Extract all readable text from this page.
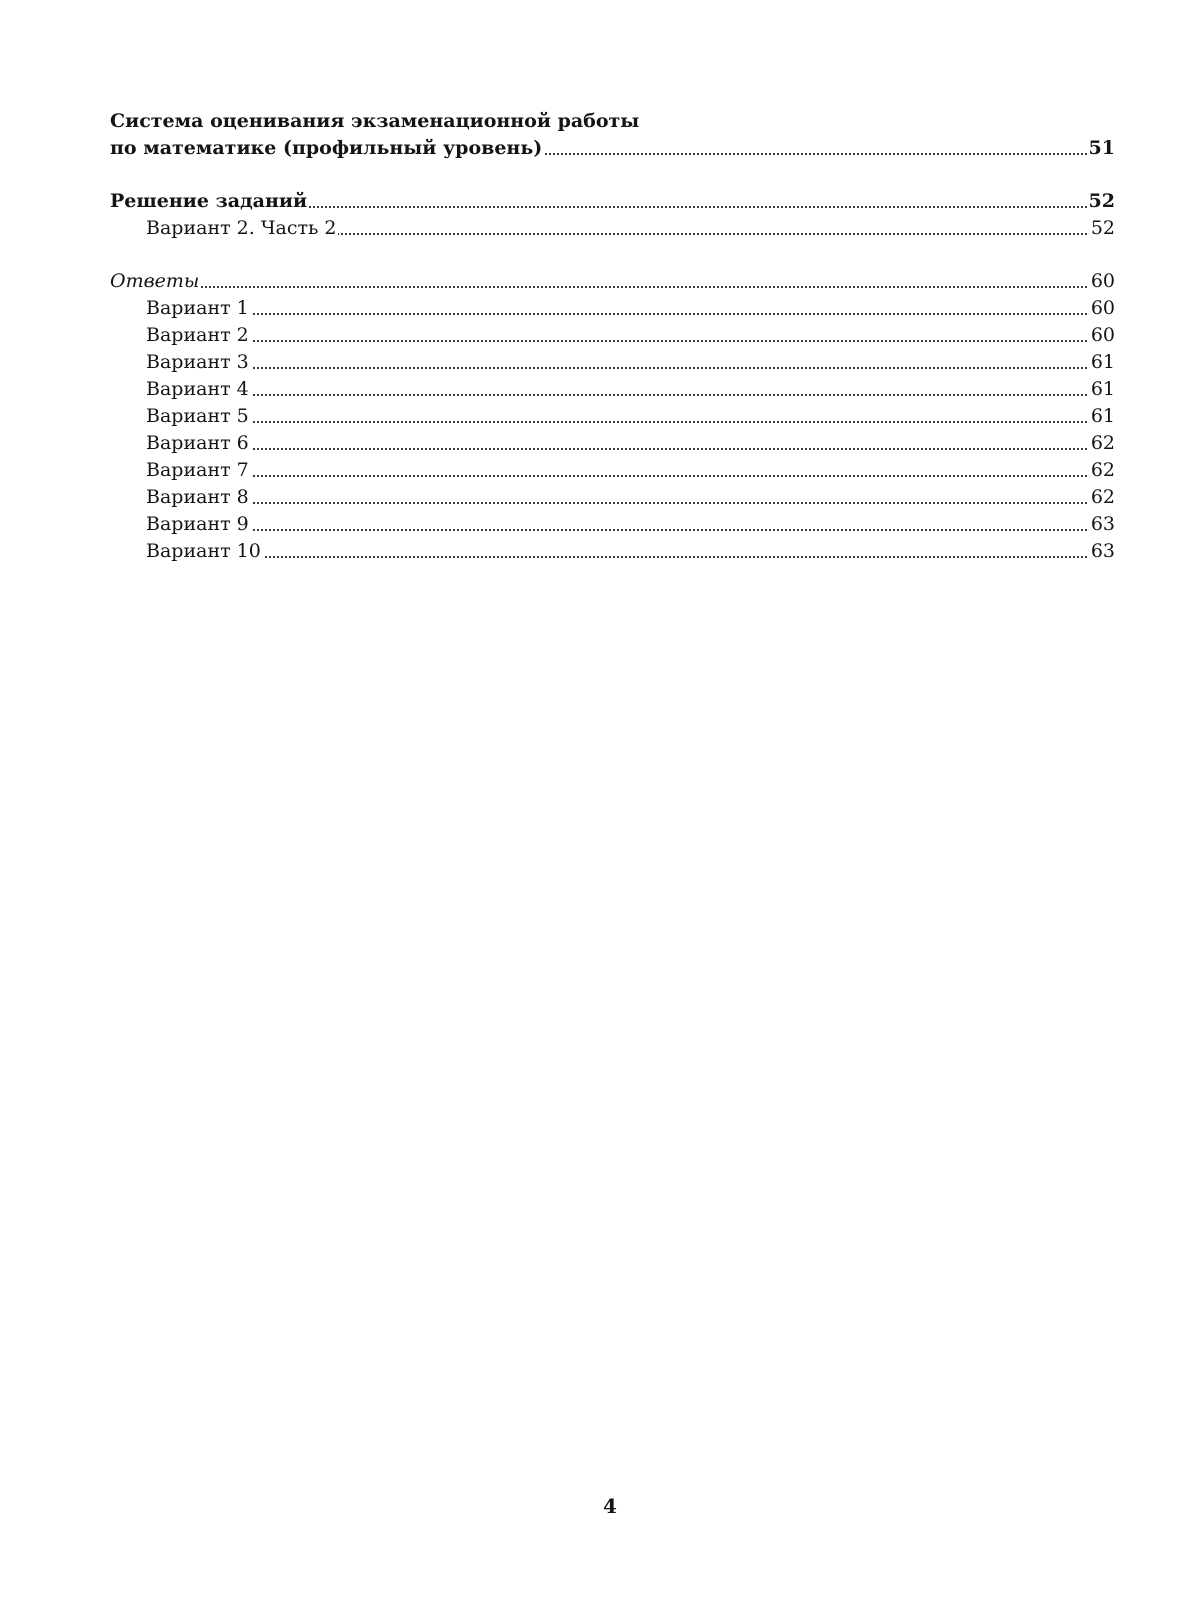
Система оценивания экзаменационной работы
по математике (профильный уровень)	51
Решение заданий	52
Вариант 2. Часть 2	52
Ответы	60
Вариант 1	60
Вариант 2	60
Вариант 3	61
Вариант 4	61
Вариант 5	61
Вариант 6	62
Вариант 7	62
Вариант 8	62
Вариант 9	63
Вариант 10	63
4
